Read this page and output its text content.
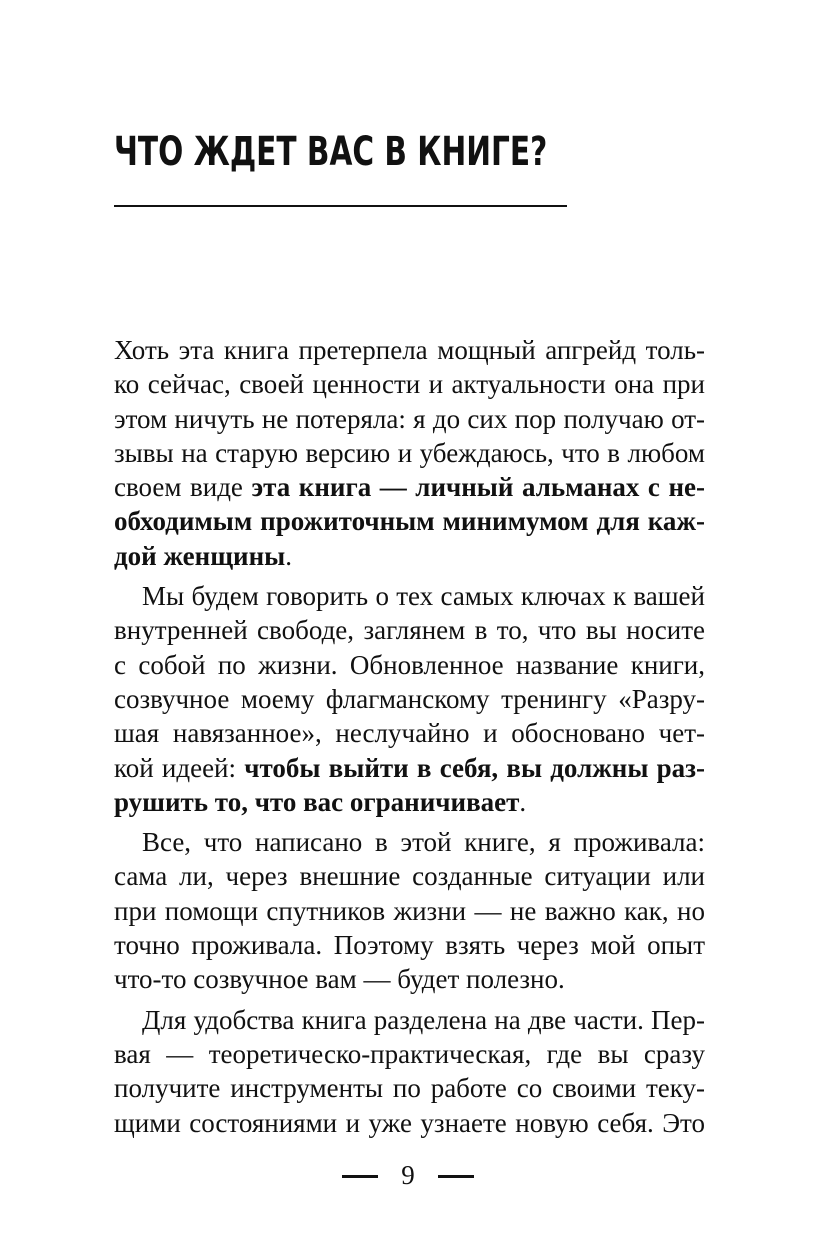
ЧТО ЖДЕТ ВАС В КНИГЕ?

Хоть эта книга претерпела мощный апгрейд толь-
ко сейчас, своей ценности и актуальности она при
этом ничуть не потеряла: я до сих пор получаю от-
зывы на старую версию и убеждаюсь, что в любом
своем виде эта книга — личный альманах с не-
обходимым прожиточным минимумом для каж-
дой женщины.

Мы будем говорить о тех самых ключах к вашей
внутренней свободе, заглянем в то, что вы носите
с собой по жизни. Обновленное название книги,
созвучное моему флагманскому тренингу «Разру-
шая навязанное», неслучайно и обосновано чет-
кой идеей: чтобы выйти в себя, вы должны раз-
рушить то, что вас ограничивает.

Все, что написано в этой книге, я проживала:
сама ли, через внешние созданные ситуации или
при помощи спутников жизни — не важно как, но
точно проживала. Поэтому взять через мой опыт
что-то созвучное вам — будет полезно.

Для удобства книга разделена на две части. Пер-
вая — теоретическо-практическая, где вы сразу
получите инструменты по работе со своими теку-
щими состояниями и уже узнаете новую себя. Это

9
